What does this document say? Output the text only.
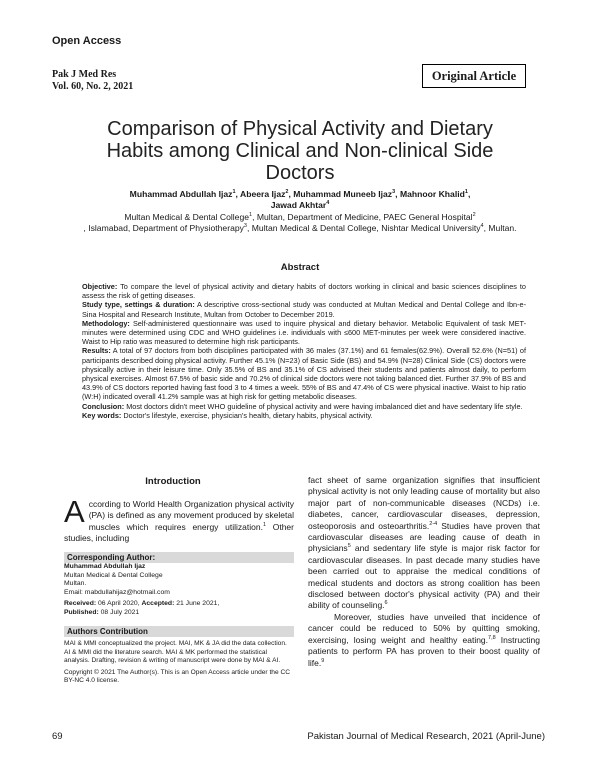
Open Access
Pak J Med Res
Vol. 60, No. 2, 2021
Original Article
Comparison of Physical Activity and Dietary Habits among Clinical and Non-clinical Side Doctors
Muhammad Abdullah Ijaz$^1$, Abeera Ijaz$^2$, Muhammad Muneeb Ijaz$^3$, Mahnoor Khalid$^1$,
Jawad Akhtar$^4$
Multan Medical & Dental College$^1$, Multan, Department of Medicine, PAEC General Hospital$^2$
, Islamabad, Department of Physiotherapy$^3$, Multan Medical & Dental College, Nishtar Medical University$^4$, Multan.
Abstract

Objective: To compare the level of physical activity and dietary habits of doctors working in clinical and basic sciences disciplines to assess the risk of getting diseases.

Study type, settings & duration: A descriptive cross-sectional study was conducted at Multan Medical and Dental College and Ibn-e-Sina Hospital and Research Institute, Multan from October to December 2019.

Methodology: Self-administered questionnaire was used to inquire physical and dietary behavior. Metabolic Equivalent of task MET-minutes were determined using CDC and WHO guidelines i.e. individuals with ≤600 MET-minutes per week were considered inactive. Waist to Hip ratio was measured to determine high risk participants.

Results: A total of 97 doctors from both disciplines participated with 36 males (37.1%) and 61 females(62.9%). Overall 52.6% (N=51) of participants described doing physical activity. Further 45.1% (N=23) of Basic Side (BS) and 54.9% (N=28) Clinical Side (CS) doctors were physically active in their leisure time. Only 35.5% of BS and 35.1% of CS advised their students and patients almost daily, to perform physical exercises. Almost 67.5% of basic side and 70.2% of clinical side doctors were not taking balanced diet. Further 37.9% of BS and 43.9% of CS doctors reported having fast food 3 to 4 times a week. 55% of BS and 47.4% of CS were physical inactive. Waist to hip ratio (W:H) indicated overall 41.2% sample was at high risk for getting metabolic diseases.

Conclusion: Most doctors didn't meet WHO guideline of physical activity and were having imbalanced diet and have sedentary life style.

Key words: Doctor's lifestyle, exercise, physician's health, dietary habits, physical activity.

Introduction
According to World Health Organization physical activity (PA) is defined as any movement produced by skeletal muscles which requires energy utilization.$^1$ Other studies, including
Corresponding Author:
Muhammad Abdullah Ijaz
Multan Medical & Dental College
Multan.
Email: mabdullahijaz@hotmail.com
Received: 06 April 2020, Accepted: 21 June 2021,
Published: 08 July 2021
Authors Contribution

MAI & MMI conceptualized the project. MAI, MK & JA did the data collection. AI & MMI did the literature search. MAI & MK performed the statistical analysis. Drafting, revision & writing of manuscript were done by MAI & AI.

Copyright © 2021 The Author(s). This is an Open Access article under the CC BY-NC 4.0 license.

fact sheet of same organization signifies that insufficient physical activity is not only leading cause of mortality but also major part of non-communicable diseases (NCDs) i.e. diabetes, cancer, cardiovascular diseases, depression, osteoporosis and osteoarthritis.$^{2-4}$ Studies have proven that cardiovascular diseases are leading cause of death in physicians$^5$ and sedentary life style is major risk factor for cardiovascular diseases. In past decade many studies have been carried out to appraise the medical conditions of medical students and doctors as strong coalition has been disclosed between doctor's physical activity (PA) and their ability of counseling.$^6$

Moreover, studies have unveiled that incidence of cancer could be reduced to 50% by quitting smoking, exercising, losing weight and healthy eating.$^{7,8}$ Instructing patients to perform PA has proven to their boost quality of life.$^9$

69	Pakistan Journal of Medical Research, 2021 (April-June)
